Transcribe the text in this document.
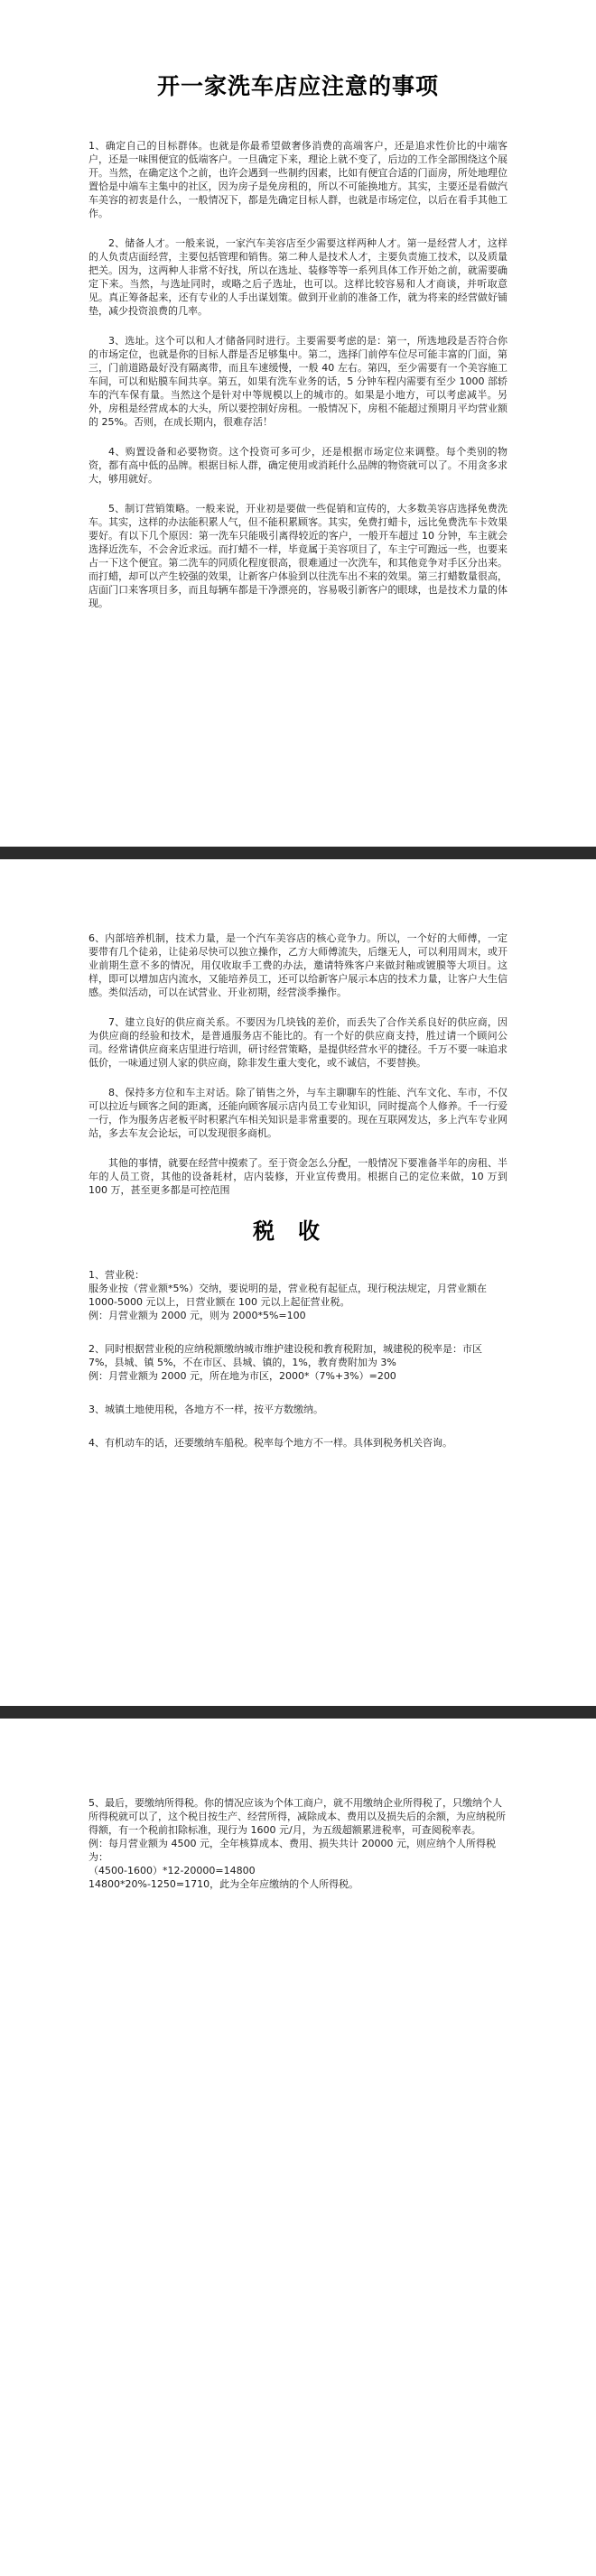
开一家洗车店应注意的事项

1、确定自己的目标群体。也就是你最希望做奢侈消费的高端客户，还是追求性价比的中端客户，还是一味围便宜的低端客户。一旦确定下来，理论上就不变了，后边的工作全部围绕这个展开。当然，在确定这个之前，也许会遇到一些制约因素，比如有便宜合适的门面房，所处地理位置恰是中端车主集中的社区，因为房子是免房租的，所以不可能换地方。其实，主要还是看做汽车美容的初衷是什么，一般情况下，都是先确定目标人群，也就是市场定位，以后在看手其他工作。

2、储备人才。一般来说，一家汽车美容店至少需要这样两种人才。第一是经营人才，这样的人负责店面经营，主要包括管理和销售。第二种人是技术人才，主要负责施工技术，以及质量把关。因为，这两种人非常不好找，所以在选址、装修等等一系列具体工作开始之前，就需要确定下来。当然，与选址同时，或略之后子选址，也可以。这样比较容易和人才商谈，并听取意见。真正筹备起来，还有专业的人手出谋划策。做到开业前的准备工作，就为将来的经营做好铺垫，减少投资浪费的几率。

3、选址。这个可以和人才储备同时进行。主要需要考虑的是：第一，所选地段是否符合你的市场定位，也就是你的目标人群是否足够集中。第二，选择门前停车位尽可能丰富的门面，第三，门前道路最好没有隔离带，而且车速缓慢，一般 40 左右。第四，至少需要有一个美容施工车间，可以和贴膜车间共享。第五，如果有洗车业务的话，5 分钟车程内需要有至少 1000 部轿车的汽车保有量。当然这个是针对中等规模以上的城市的。如果是小地方，可以考虑减半。另外，房租是经营成本的大头，所以要控制好房租。一般情况下，房租不能超过预期月平均营业额的 25%。否则，在成长期内，很难存活！

4、购置设备和必要物资。这个投资可多可少，还是根据市场定位来调整。每个类别的物资，都有高中低的品牌。根据目标人群，确定使用或消耗什么品牌的物资就可以了。不用贪多求大，够用就好。

5、制订营销策略。一般来说，开业初是要做一些促销和宣传的，大多数美容店选择免费洗车。其实，这样的办法能积累人气，但不能积累顾客。其实，免费打蜡卡，远比免费洗车卡效果要好。有以下几个原因：第一洗车只能吸引离得较近的客户，一般开车超过 10 分钟，车主就会选择近洗车，不会舍近求远。而打蜡不一样，毕竟属于美容项目了，车主宁可跑远一些，也要来占一下这个便宜。第二洗车的同质化程度很高，很难通过一次洗车，和其他竞争对手区分出来。而打蜡，却可以产生较强的效果，让新客户体验到以往洗车出不来的效果。第三打蜡数量很高，店面门口来客项目多，而且每辆车都是干净漂亮的，容易吸引新客户的眼球，也是技术力量的体现。

6、内部培养机制，技术力量，是一个汽车美容店的核心竞争力。所以，一个好的大师傅，一定要带有几个徒弟，让徒弟尽快可以独立操作，乙方大师傅流失，后继无人，可以利用周末，或开业前期生意不多的情况，用仅收取手工费的办法，邀请特殊客户来做封釉或镀膜等大项目。这样，即可以增加店内流水，又能培养员工，还可以给新客户展示本店的技术力量，让客户大生信感。类似活动，可以在试营业、开业初期，经营淡季操作。

7、建立良好的供应商关系。不要因为几块钱的差价，而丢失了合作关系良好的供应商，因为供应商的经验和技术，是普通服务店不能比的。有一个好的供应商支持，胜过请一个顾问公司。经常请供应商来店里进行培训，研讨经营策略，是提供经营水平的捷径。千万不要一味追求低价，一味通过别人家的供应商，除非发生重大变化，或不诚信，不要替换。

8、保持多方位和车主对话。除了销售之外，与车主聊聊车的性能、汽车文化、车市，不仅可以拉近与顾客之间的距离，还能向顾客展示店内员工专业知识，同时提高个人修养。千一行爱一行，作为服务店老板平时积累汽车相关知识是非常重要的。现在互联网发达，多上汽车专业网站，多去车友会论坛，可以发现很多商机。

其他的事情，就要在经营中摸索了。至于资金怎么分配，一般情况下要准备半年的房租、半年的人员工资，其他的设备耗材，店内装修，开业宣传费用。根据自己的定位来做，10 万到 100 万，甚至更多都是可控范围

税收
1、营业税：
服务业按（营业额*5%）交纳，要说明的是，营业税有起征点，现行税法规定，月营业额在 1000-5000 元以上，日营业额在 100 元以上起征营业税。
例：月营业额为 2000 元，则为 2000*5%=100
2、同时根据营业税的应纳税额缴纳城市维护建设税和教育税附加，城建税的税率是：市区 7%，县城、镇 5%，不在市区、县城、镇的，1%，教育费附加为 3%
例：月营业额为 2000 元，所在地为市区，2000*（7%+3%）=200
3、城镇土地使用税，各地方不一样，按平方数缴纳。
4、有机动车的话，还要缴纳车船税。税率每个地方不一样。具体到税务机关咨询。
5、最后，要缴纳所得税。你的情况应该为个体工商户，就不用缴纳企业所得税了，只缴纳个人所得税就可以了，这个税目按生产、经营所得，减除成本、费用以及损失后的余额，为应纳税所得额，有一个税前扣除标准，现行为 1600 元/月，为五级超额累进税率，可查阅税率表。
例：每月营业额为 4500 元，全年核算成本、费用、损失共计 20000 元，则应纳个人所得税为：
（4500-1600）*12-20000=14800
14800*20%-1250=1710，此为全年应缴纳的个人所得税。
